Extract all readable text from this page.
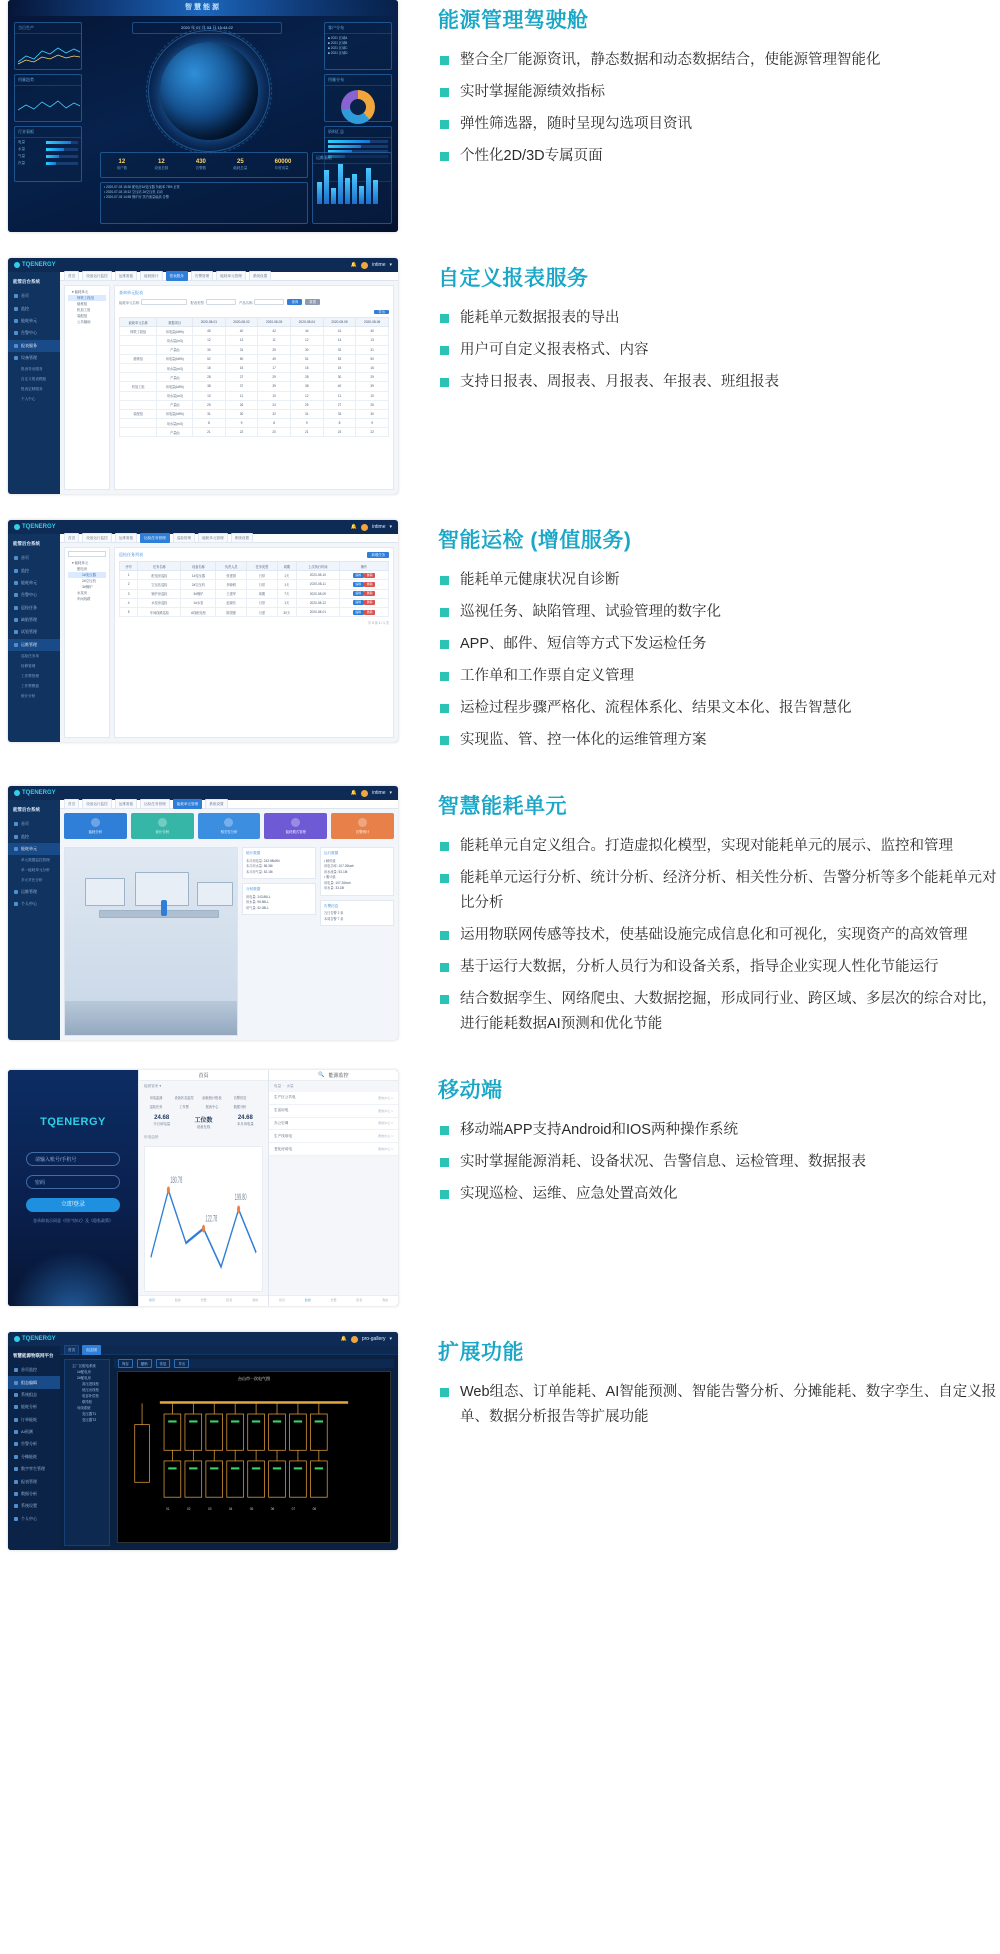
智慧能源
当日生产
用量趋势
行业看板
电量
水量
气量
汽量
2020 年 07 月 03 日 15:44:22
12
用户数
12
设备总数
430
告警数
25
能耗总量
60000
年度用量
• 2020-07-03 15:30 配电房1#变压器 负载率 78% 正常
• 2020-07-03 15:12 空压站 2#空压机 启动
• 2020-07-03 14:55 锅炉房 蒸汽流量偏高 告警
客户分布
■ 2021 区域A
■ 2021 区域B
■ 2021 区域C
■ 2021 区域D
用量分布
资料汇总
运维看板
能源管理驾驶舱
整合全厂能源资讯，静态数据和动态数据结合，使能源管理智能化
实时掌握能源绩效指标
弹性筛选器，随时呈现勾选项目资讯
个性化2D/3D专属页面
TQENERGY	🔔	intime ▾
能管后台系统
首页
监控
能耗单元
告警中心
报表服务
设备管理
报表导出服务
自定义报表模板
报表定制服务
个人中心
首页	设备运行监控	运维看板	能耗统计	报表服务	告警管理	能耗单元管理	系统设置
▾ 能耗单元
铸铁工段组
熔炼组
机加工组
装配组
公共辅助
查询单元报表
能耗单元名称	报表类型	产品名称	查询	重置
导出
能耗单元名称	数据项目	2020-08-01	2020-08-02	2020-08-03	2020-08-04	2020-08-05	2020-08-06
铸铁工段组	用电量(kWh)	45	40	42	44	41	40
	用水量(m3)	12	13	11	12	14	13
	产量(t)	30	31	29	30	32	31
熔炼组	用电量(kWh)	52	50	49	51	53	50
	用水量(m3)	16	15	17	16	15	16
	产量(t)	28	27	29	28	30	29
机加工组	用电量(kWh)	38	37	39	38	40	39
	用水量(m3)	10	11	10	12	11	10
	产量(t)	25	26	24	25	27	26
装配组	用电量(kWh)	31	30	32	31	33	30
	用水量(m3)	8	9	8	9	8	9
	产量(t)	21	22	20	21	23	22
自定义报表服务
能耗单元数据报表的导出
用户可自定义报表格式、内容
支持日报表、周报表、月报表、年报表、班组报表
TQENERGY	🔔	intime ▾
能管后台系统
首页
监控
能耗单元
告警中心
巡检任务
缺陷管理
试验管理
运维管理
巡检任务单
检修管理
工作票管理
工作票模板
统计分析
首页	设备运行监控	运维看板	运检任务管理	巡检管理	能耗单元管理	系统设置
▾ 能耗单元
配电房
1#变压器
2#空压机
3#锅炉
水泵房
车间线路
巡检任务列表	新增任务
序号	任务名称	设备名称	负责人员	任务类型	周期	上次执行时间	操作
1	配电房巡检	1#变压器	张建国	日常	1天	2020-08-10	编辑 删除
2	空压站巡检	2#空压机	李晓明	日常	1天	2020-08-11	编辑 删除
3	锅炉房巡检	3#锅炉	王建军	周期	7天	2020-08-09	编辑 删除
4	水泵房巡检	1#水泵	赵晓东	日常	1天	2020-08-12	编辑 删除
5	车间线路巡检	A线配电柜	陈国强	月度	30天	2020-08-01	编辑 删除
共 5 条 1 / 1 页
智能运检 (增值服务)
能耗单元健康状况自诊断
巡视任务、缺陷管理、试验管理的数字化
APP、邮件、短信等方式下发运检任务
工作单和工作票自定义管理
运检过程步骤严格化、流程体系化、结果文本化、报告智慧化
实现监、管、控一体化的运维管理方案
TQENERGY	🔔	intime ▾
能管后台系统
首页
监控
能耗单元
单元数据监控管理
单一能耗单元分析
多元对比分析
运维管理
个人中心
首页	设备运行监控	运维看板	运检任务管理	能耗单元管理	系统设置
能耗分析	设计分析	相关性分析	能耗模式管理	告警统计
统计数据
本月用电量: 243.98kWh
本月用水量: 86.38t
本月用气量: 52.18t
分析数据
用电量: 243.86LL
用水量: 96.86LL
用气量: 52.08LL
运行数据
• 瞬时值
用电功率: 107.26kwh
用水流量: 53.18t
• 累计值
用电量: 107.26kwh
用水量: 33.18t
告警信息
当日告警 2 条
本周告警 7 条
智慧能耗单元
能耗单元自定义组合。打造虚拟化模型，实现对能耗单元的展示、监控和管理
能耗单元运行分析、统计分析、经济分析、相关性分析、告警分析等多个能耗单元对比分析
运用物联网传感等技术，使基础设施完成信息化和可视化，实现资产的高效管理
基于运行大数据，分析人员行为和设备关系，指导企业实现人性化节能运行
结合数据孪生、网络爬虫、大数据挖掘，形成同行业、跨区域、多层次的综合对比，进行能耗数据AI预测和优化节能
TQENERGY
请输入账号/手机号
密码
立即登录
登录即表示同意《用户协议》及《隐私政策》
首页
能源管家 ▾
用电监测	设备状态监控	能耗统计报表	告警信息
巡检任务	工作票	报表中心	数据分析
24.68
今日用电量	工位数
设备在线
24.68
本月用电量
用电趋势
180.78
122.78
199.80
首页	监控	告警	报表	我的
🔍 能源监控
电量  ·  水量
生产区公共电	配电中心 >
生活用电	配电中心 >
办公空调	配电中心 >
生产线用电	配电中心 >
老化房用电	配电中心 >
首页	监控	告警	报表	我的
移动端
移动端APP支持Android和IOS两种操作系统
实时掌握能源消耗、设备状况、告警信息、运检管理、数据报表
实现巡检、运维、应急处置高效化
TQENERGY	🔔	pro-gallery ▾
智慧能源物联网平台
首页监控
组态编辑
系统组态
能耗分析
订单能耗
AI预测
告警分析
分摊能耗
数字孪生管理
报表管理
数据分析
系统设置
个人中心
首页	组态图
主厂区配电系统
1#配电房
2#配电房
高压进线柜
低压出线柜
电容补偿柜
联络柜
母线系统
变压器T1
变压器T2
保存	撤销	恢复	导出
台山市一次电气图
01	02	03	04	05	06	07	08
扩展功能
Web组态、订单能耗、AI智能预测、智能告警分析、分摊能耗、数字孪生、自定义报单、数据分析报告等扩展功能
